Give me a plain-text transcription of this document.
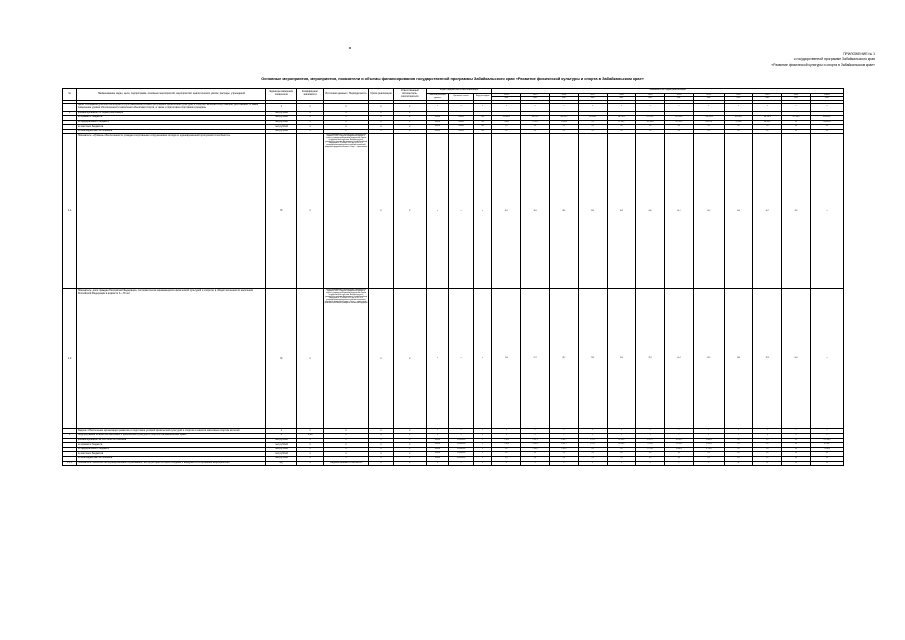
ПРИЛОЖЕНИЕ № 1
к государственной программе Забайкальского края
«Развитие физической культуры и спорта в Забайкальском крае»
Основные мероприятия, мероприятия, показатели и объемы финансирования государственной программы Забайкальского края «Развитие физической культуры и спорта в Забайкальском крае»
№	Наименование задач, цели, подпрограмм, основных мероприятий, мероприятий, аналитических увязок, расходы, учреждений	Единица измерения показателя	Коэффициент значимости	Источники данных / Периодичность	Сроки реализации	Ответственный исполнитель, соисполнители	Коды бюджетной классификации			Значения по годам реализации											
							Главный распоря- дитель	Целевая статья	Вид расходов	2014	2015	2016	2017	2018	2019	2020	2021	2022	2023	2024	Итого
										план	план	план	план	план	план	план	план	план	план	план	план
гр.1	гр.2	гр.3	гр.4	гр.5	гр.6	гр.7	гр.8	гр.9	гр.10	гр.11	гр.12	гр.13	гр.14	гр.15	гр.16	гр.17	гр.18	гр.19	гр.20	гр.21	гр.22
	Цель: «Создание для всех категорий и групп населения в новой регулярной физической культурой и спортом, включая спорт высших достижений, а также повышение уровня обеспеченности населения объектами спорта, а также и подготовка спортивного резерва»	х	х	х	х	х	х	х	х	х	х	х	х	х	х	х	х	х	х	х	х
1	финансирование по годам реализации	тыс.рублей	х	х	х	х	000000	000000	000	262 553,3	347 478,1	317 416,4	343 836,4	413 862,2	839 726,7	948 201,7	1 424 965,6	891 174,6	968 891,9	917 486,4	9 112 004,9
	из краевого бюджета	тыс.рублей	х	х	х	х	000000	000000	000	254 446,3	338 752,2	309 236,2	342 036,4	389 744,5	678 728,7	871 690,5	1 186 928,4	828 164,5	891 541,8	917 486,4	8 404 892,1
	из федерального бюджета	тыс.рублей	х	х	х	х	000000	000000	000	7 494,9	8 715,9	12 998,6	0,0	17 116,2	167 806,4	147 524,2	239 472,8	21 996,4	169 106,7	0,0	1 086 390,2
	из местных бюджетов	тыс.рублей	х	х	х	х	000000	000000	000	0,0	0,0	0,0	0,0	0,0	0,0	0,0	0,0	0,0	0,0	0,0	0,0
	из внебюджетных источников	тыс.рублей	х	х	х	х	000000	000000	000	0,0	0,0	0,0	0,0	0,0	0,0	0,0	0,0	0,0	0,0	0,0	0,0
1.1	Показатель: «Уровень обеспеченности граждан спортивными сооружениями исходя из единовременной пропускной способности»	%	х	Данные федерального статистического наблюдения по форме № 1-ФК «Сведения о физической культуре и спорте», утвержденной приказом Федеральной службы государственной статистики, Методика расчета, утвержденная приказом Министерства спорта Российской Федерации от 19 ноября 2019 года № 950 «Об утверждении методики расчета значений показателей, входящих в федеральный проект «Спорт — норма жизни»	х	х	х	х	х	46,1	38,4	38,6	39,3	36,5	40,0	44,1	45,0	45,0	46,7	45,9	х
1.2	Показатель: доля граждан Российской Федерации, систематически занимающихся физической культурой и спортом, в общей численности населения Российской Федерации в возрасте 3—79 лет	%	х	Данные федерального статистического наблюдения по форме № 1-ФК «Сведения о физической культуре и спорте», утвержденной приказом Федеральной службы государственной статистики, Методика расчета, утвержденная приказом Министерства спорта Российской Федерации от 19 ноября 2019 года № 950 «Об утверждении методики расчета значений показателей, входящих в федеральный проект «Спорт — норма жизни», установленных Указом Президента Российской Федерации	х	х	х	х	х	19,0	27,2	28,7	29,9	31,4	35,2	40,4	43,9	46,6	49,9	54,8	х
	Задача: Обеспечение организации развития и подготовка условий физической культурой и спортом и занятия массовым спортом жителей	х	х	х	х	х	х	х	х	х	х	х	х	х	х	х	х	х	х	х	х
1	Подпрограмма «Развитие массовых и физической культуры и спорта в Забайкальском крае»	х	1,00	х	х	х	х	х	х	х	х	х	х	х	х	х	х	х	х	х	х
	финансирование за счет всех источников	тыс.рублей	х	х	х	х	000000	02.0000000	х	1 796,0	2 101,3	4 485,7	3 721,1	14 594,6	37 017,7	44 705,5	41 884,4	0,0	0,0	0,0	157 806,0
	из краевого бюджета	тыс.рублей	х	х	х	х	000000	02.0000000	х	1 796,0	2 096,3	4 485,7	3 721,1	14 594,6	11 706,7	14 193,9	10 705,0	0,0	0,0	0,0	62 785,7
	из федерального бюджета	тыс.рублей	х	х	х	х	000000	02.0000000	х	0,0	2 196,5	1 991,6	0,0	0,0	17 716,1	29 660,0	11 114,9	0,0	0,0	0,0	74 986,6
	из местных бюджетов	тыс.рублей	х	х	х	х	000000	02.0000000	х	0,0	0,0	0,0	0,0	0,0	0,0	0,0	0,0	0,0	0,0	0,0	0,0
	из внебюджетных источников	тыс.рублей	х	х	х	х	000000	02.0000000	х	0,0	0,0	0,0	0,0	0,0	0,0	0,0	0,0	0,0	0,0	0,0	0,0
1.1.1	Показатель: «Количество муниципальных образований, на территории которых созданы и внедряются спортивные мероприятия»	ед.	х	Ведомственная отчетность	х	х	х	х	х	х	х	х	х	х	х	х	х	31	31	31	31
